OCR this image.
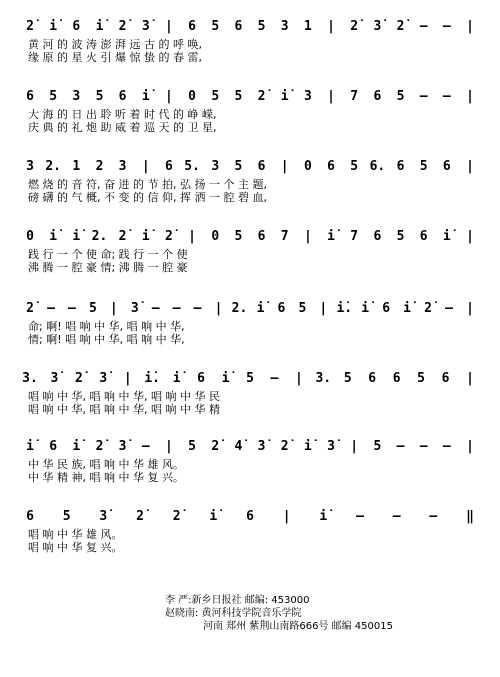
2̇	i̇	6 i̇	2̇	3̇	| 6 5 6 5 3 1 | 2̇	3̇	2̇	– – |
黄 河 的 波 涛 澎 湃 远 古 的 呼 唤,
缘 原 的 星 火 引 爆 惊 蛰 的 春 雷,
6 5 3 5 6 i̇	| 0 5 5 2̇	i̇	3 | 7 6 5 – – |
大 海 的 日 出 聆 听 着 时 代 的 峥 嵘,
庆 典 的 礼 炮 助 威 着 巡 天 的 卫 星,
3 2. 1 2 3 | 6 5. 3 5 6 | 0 6 5 6. 6 5 6 |
燃 烧 的 音 符, 奋 进 的 节 拍, 弘 扬 一 个 主 题,
磅 礴 的 气 概, 不 变 的 信 仰, 挥 洒 一 腔 碧 血,
0 i̇	i̇ 2. 2̇	i̇	2̇	| 0 5 6 7 | i̇	7 6 5 6 i̇	|
践 行 一 个 使 命; 践 行 一 个 使
沸 腾 一 腔 豪 情; 沸 腾 一 腔 豪
2̇	– – 5 | 3̇	– – – | 2. i̇	6 5 | i̇. i̇	6 i̇	2̇	– |
命; 啊! 唱 响 中 华, 唱 响 中 华,
情; 啊! 唱 响 中 华, 唱 响 中 华,
3. 3̇	2̇	3̇	| i̇. i̇	6 i̇	5 – | 3. 5 6 6 5 6 |
唱 响 中 华, 唱 响 中 华, 唱 响 中 华 民
唱 响 中 华, 唱 响 中 华, 唱 响 中 华 精
i̇	6 i̇	2̇	3̇	– | 5 2̇	4̇	3̇	2̇	i̇	3̇	| 5 – – – |
中 华 民 族, 唱 响 中 华 雄 风。
中 华 精 神, 唱 响 中 华 复 兴。
6 5 3̇	2̇	2̇	i̇	6 | i̇	– – – ‖
唱 响 中 华 雄 风。
唱 响 中 华 复 兴。
李 严:新乡日报社 邮编: 453000
赵晓南: 黄河科技学院音乐学院
河南 郑州 紫荆山南路666号 邮编 450015
